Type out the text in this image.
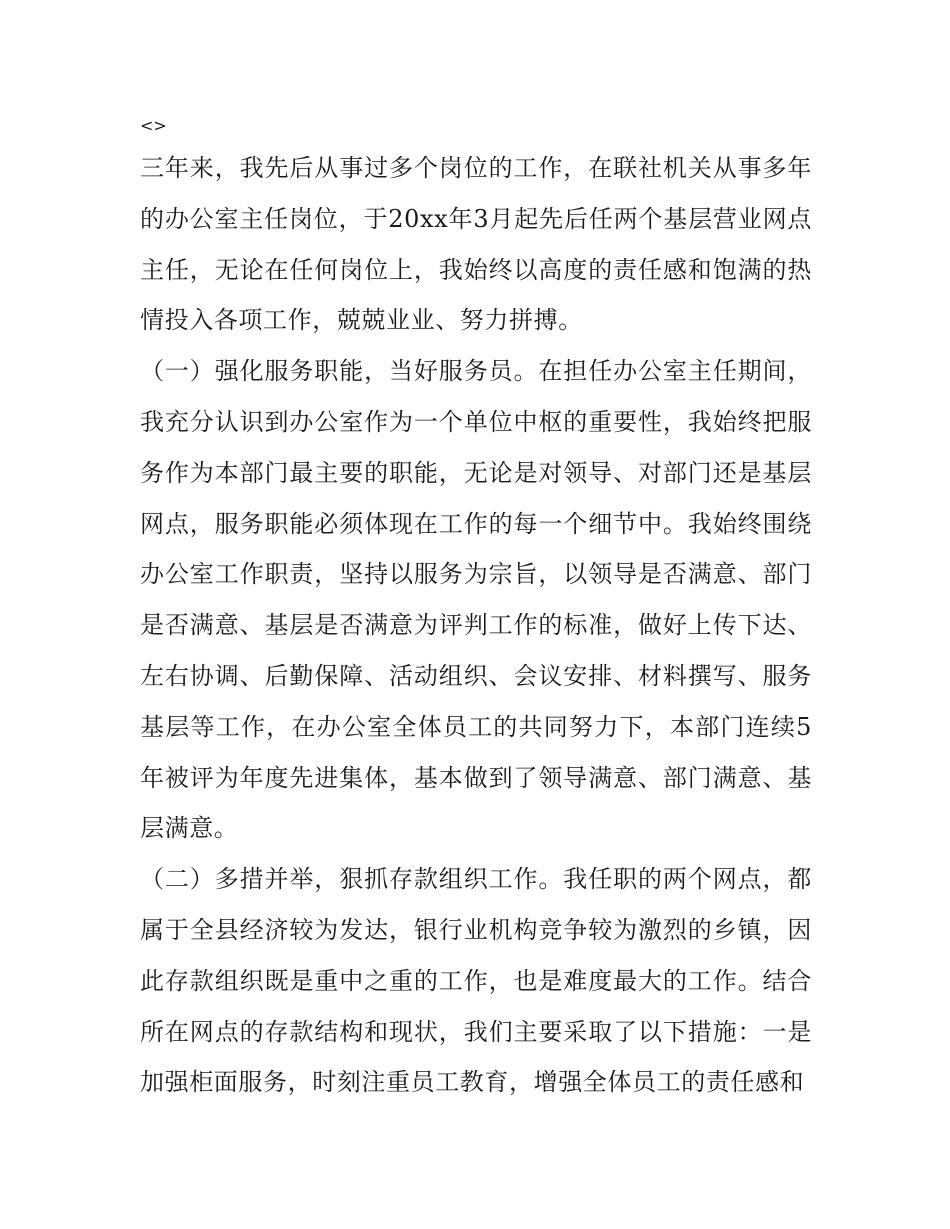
<>

三年来，我先后从事过多个岗位的工作，在联社机关从事多年的办公室主任岗位，于20xx年3月起先后任两个基层营业网点主任，无论在任何岗位上，我始终以高度的责任感和饱满的热情投入各项工作，兢兢业业、努力拼搏。

（一）强化服务职能，当好服务员。在担任办公室主任期间，我充分认识到办公室作为一个单位中枢的重要性，我始终把服务作为本部门最主要的职能，无论是对领导、对部门还是基层网点，服务职能必须体现在工作的每一个细节中。我始终围绕办公室工作职责，坚持以服务为宗旨，以领导是否满意、部门是否满意、基层是否满意为评判工作的标准，做好上传下达、左右协调、后勤保障、活动组织、会议安排、材料撰写、服务基层等工作，在办公室全体员工的共同努力下，本部门连续5年被评为年度先进集体，基本做到了领导满意、部门满意、基层满意。

（二）多措并举，狠抓存款组织工作。我任职的两个网点，都属于全县经济较为发达，银行业机构竞争较为激烈的乡镇，因此存款组织既是重中之重的工作，也是难度最大的工作。结合所在网点的存款结构和现状，我们主要采取了以下措施：一是加强柜面服务，时刻注重员工教育，增强全体员工的责任感和
